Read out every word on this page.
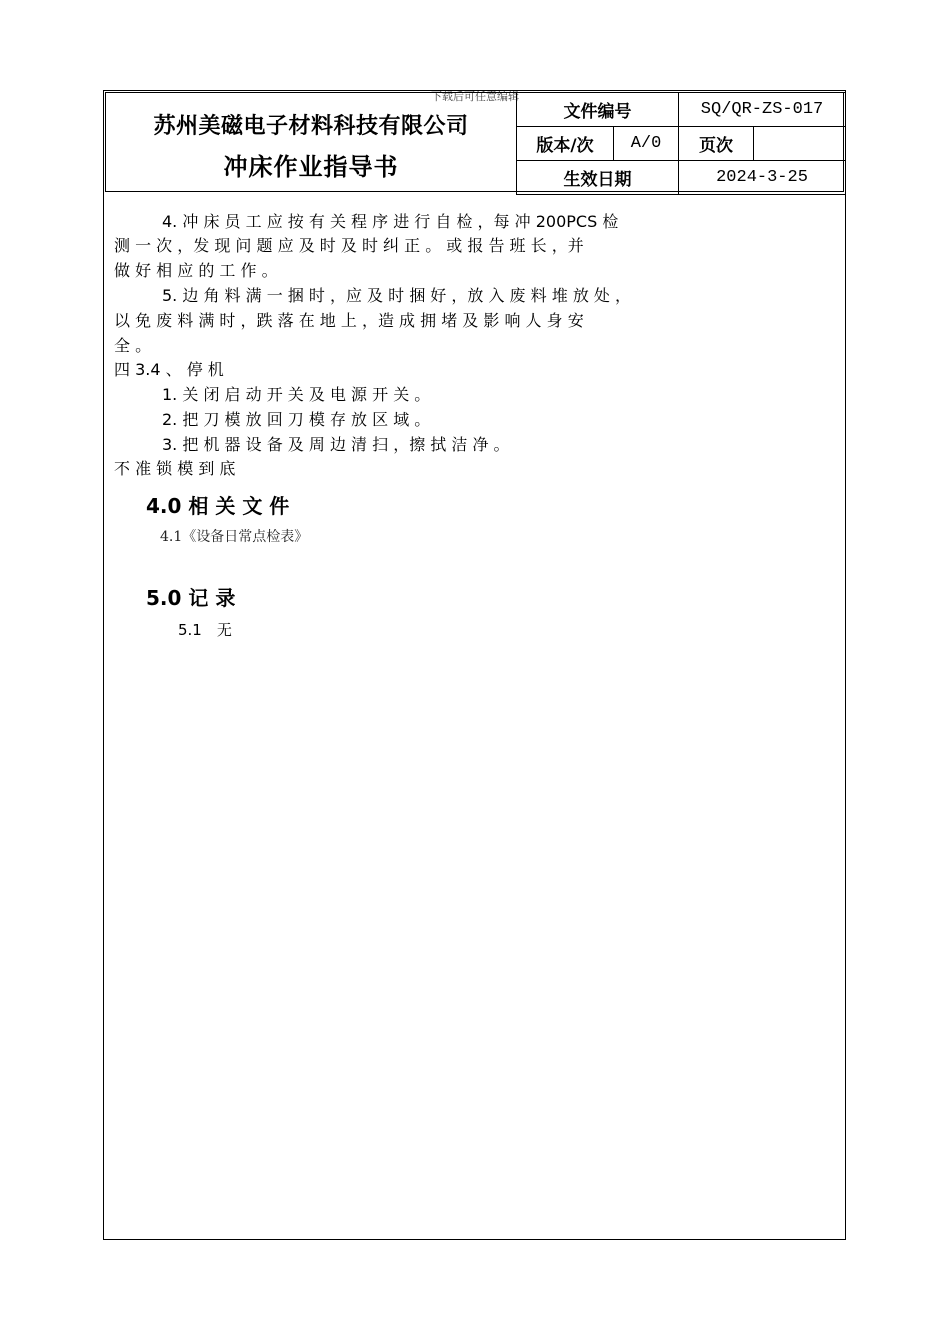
下载后可任意编辑
苏州美磁电子材料科技有限公司
冲床作业指导书
文件编号		SQ/QR-ZS-017	
版本/次	A/0	页次	
生效日期		2024-3-25	
4. 冲 床 员 工 应 按 有 关 程 序 进 行 自 检 ，每 冲 200PCS 检
测 一 次 ，发 现 问 题 应 及 时 及 时 纠 正 。 或 报 告 班 长 ，并
做 好 相 应 的 工 作 。
5. 边 角 料 满 一 捆 时 ，应 及 时 捆 好 ，放 入 废 料 堆 放 处 ，
以 免 废 料 满 时 ，跌 落 在 地 上 ，造 成 拥 堵 及 影 响 人 身 安
全 。
四 3.4 、 停 机
1. 关 闭 启 动 开 关 及 电 源 开 关 。
2. 把 刀 模 放 回 刀 模 存 放 区 域 。
3. 把 机 器 设 备 及 周 边 清 扫 ，擦 拭 洁 净 。
不 准 锁 模 到 底
4.0 相 关 文 件
4.1《设备日常点检表》
5.0 记 录
5.1　无
